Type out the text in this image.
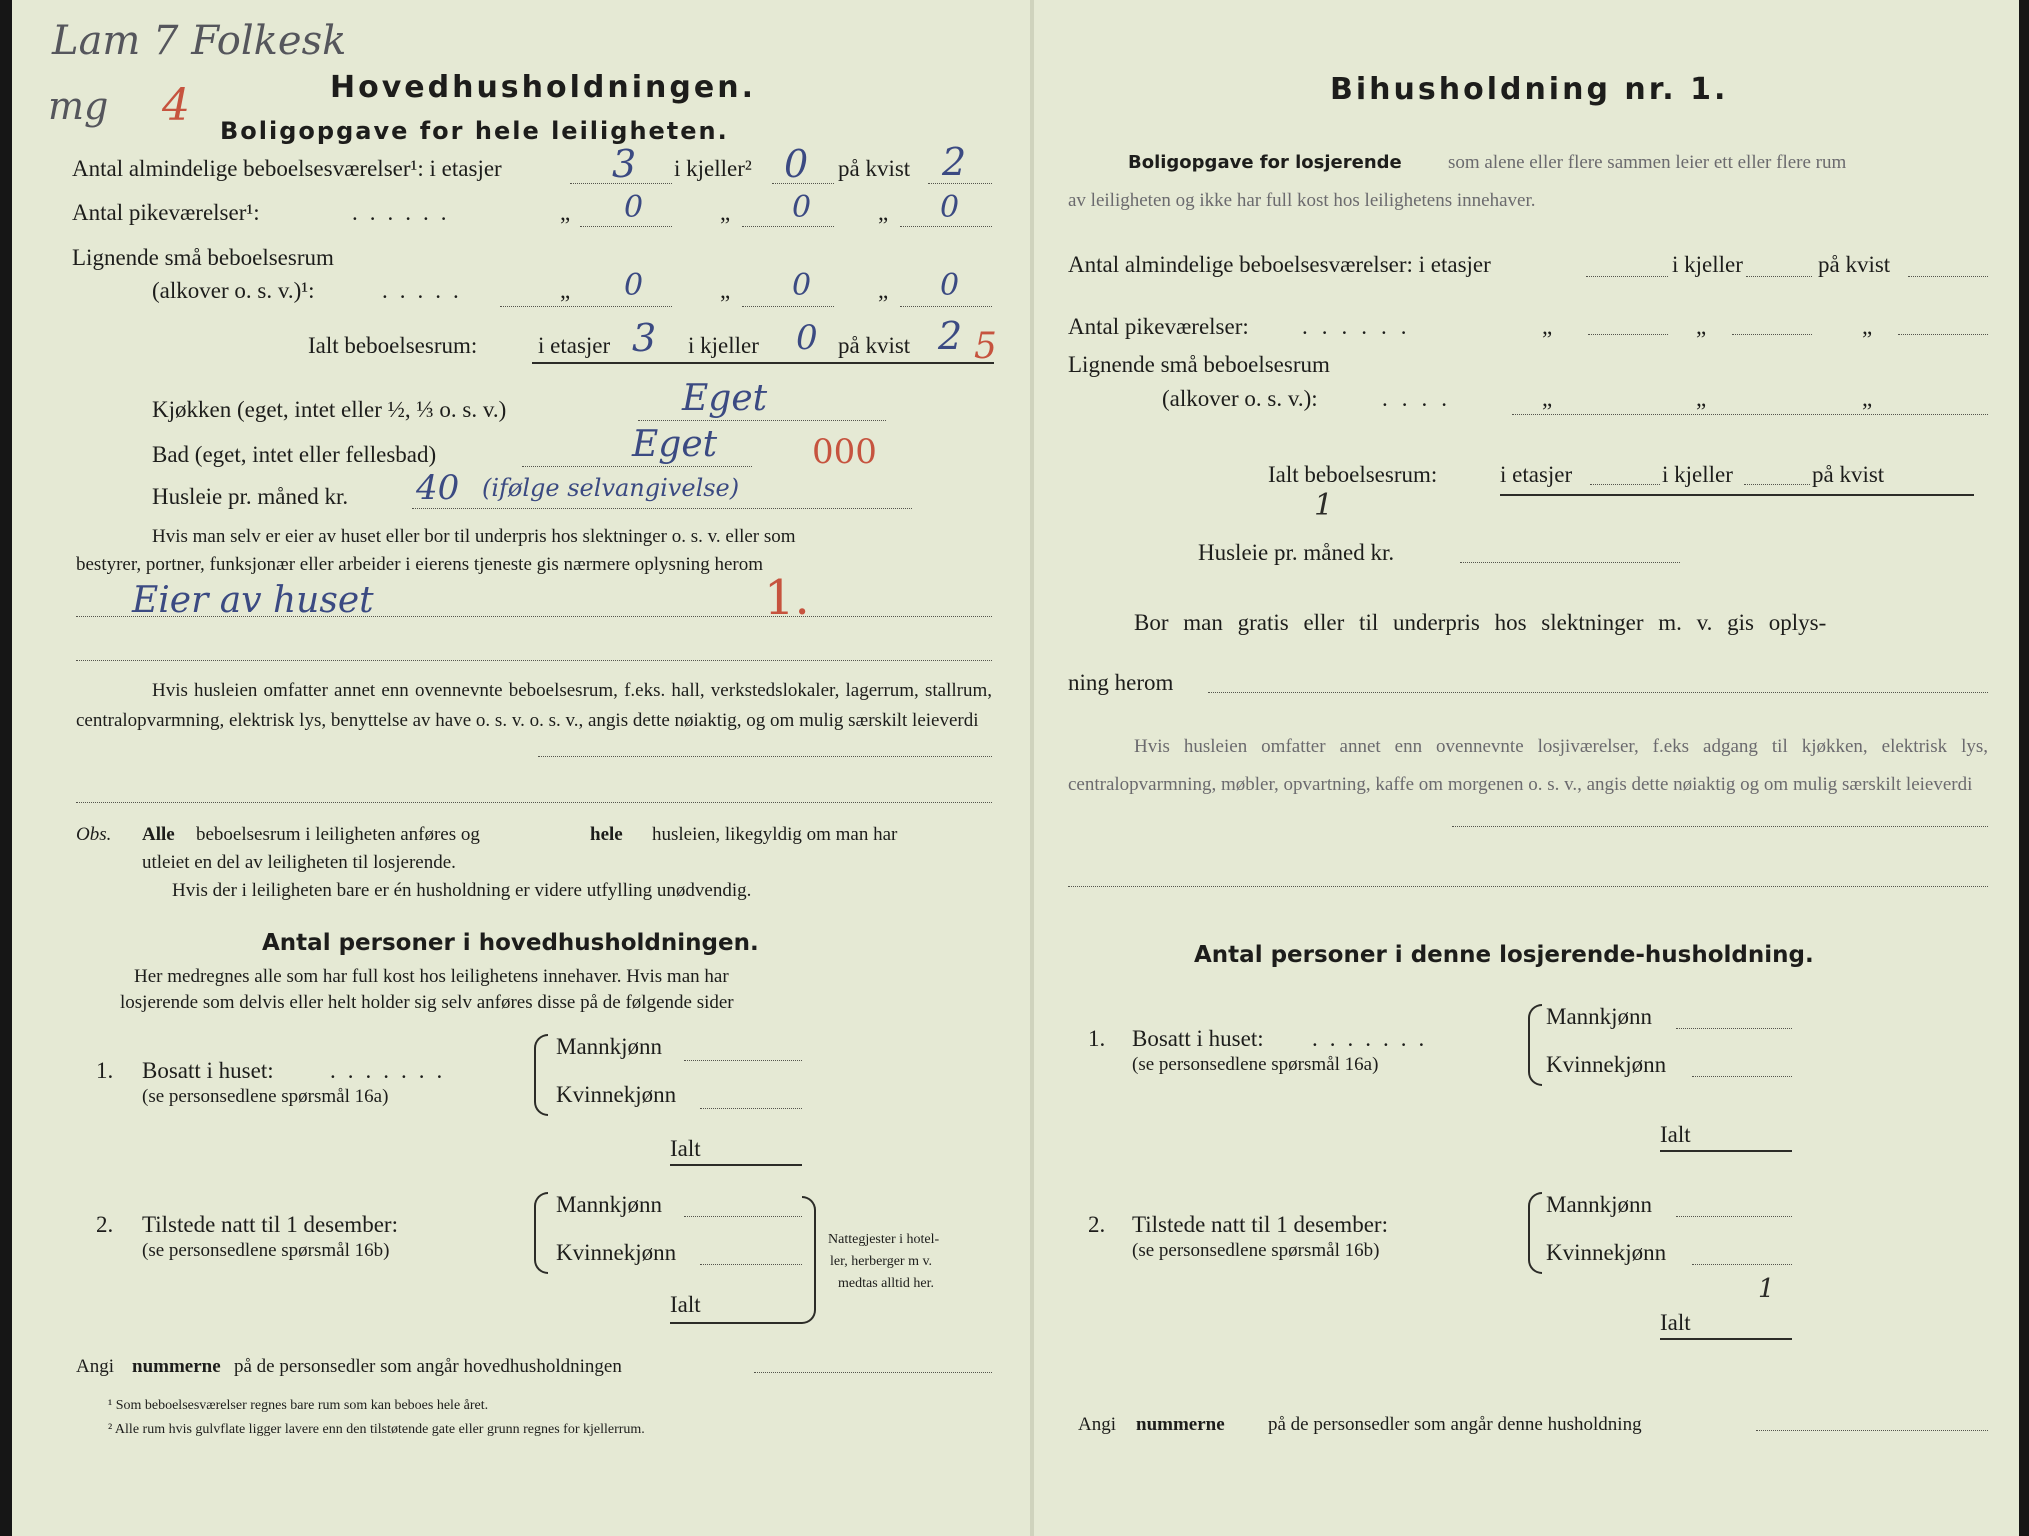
Lam 7 Folkesk
mg 4	Hovedhusholdningen.
Boligopgave for hele leiligheten.
Antal almindelige beboelsesværelser¹: i etasjer	3 i kjeller² 0 på kvist 2
Antal pikeværelser¹:	......	„ 0	„ 0	„ 0
Lignende små beboelsesrum
(alkover o. s. v.)¹:	.....	„ 0	„ 0	„ 0
Ialt beboelsesrum:	i etasjer 3 i kjeller 0 på kvist 2 5
Kjøkken (eget, intet eller ½, ⅓ o. s. v.)	Eget
Bad (eget, intet eller fellesbad)	Eget	000
Husleie pr. måned kr. 40 (ifølge selvangivelse)
Hvis man selv er eier av huset eller bor til underpris hos slektninger o. s. v. eller som
bestyrer, portner, funksjonær eller arbeider i eierens tjeneste gis nærmere oplysning herom
Eier av huset	1.
Hvis husleien omfatter annet enn ovennevnte beboelsesrum, f.eks. hall, verkstedslokaler, lagerrum, stallrum, centralopvarmning, elektrisk lys, benyttelse av have o. s. v. o. s. v., angis dette nøiaktig, og om mulig særskilt leieverdi
Obs. Alle beboelsesrum i leiligheten anføres og	hele husleien, likegyldig om man har
utleiet en del av leiligheten til losjerende.
Hvis der i leiligheten bare er én husholdning er videre utfylling unødvendig.
Antal personer i hovedhusholdningen.
Her medregnes alle som har full kost hos leilighetens innehaver. Hvis man har
losjerende som delvis eller helt holder sig selv anføres disse på de følgende sider
1. Bosatt i huset: .......
(se personsedlene spørsmål 16a)
Mannkjønn
Kvinnekjønn
Ialt
2. Tilstede natt til 1 desember:
(se personsedlene spørsmål 16b)
Mannkjønn
Kvinnekjønn
Ialt
Nattegjester i hotel-
ler, herberger m v.
medtas alltid her.
Angi nummerne på de personsedler som angår hovedhusholdningen
¹ Som beboelsesværelser regnes bare rum som kan beboes hele året.
² Alle rum hvis gulvflate ligger lavere enn den tilstøtende gate eller grunn regnes for kjellerrum.
Bihusholdning nr. 1.
Boligopgave for losjerende som alene eller flere sammen leier ett eller flere rum
av leiligheten og ikke har full kost hos leilighetens innehaver.
Antal almindelige beboelsesværelser: i etasjer	i kjeller	på kvist
Antal pikeværelser: ......	„	„	„
Lignende små beboelsesrum
(alkover o. s. v.):	....	„	„	„
Ialt beboelsesrum:	i etasjer	i kjeller	på kvist
1
Husleie pr. måned kr.
Bor man gratis eller til underpris hos slektninger m. v. gis oplys-
ning herom
Hvis husleien omfatter annet enn ovennevnte losjiværelser, f.eks adgang til kjøkken, elektrisk lys, centralopvarmning, møbler, opvartning, kaffe om morgenen o. s. v., angis dette nøiaktig og om mulig særskilt leieverdi
Antal personer i denne losjerende-husholdning.
1. Bosatt i huset: .......
(se personsedlene spørsmål 16a)
Mannkjønn
Kvinnekjønn
Ialt
2. Tilstede natt til 1 desember:
(se personsedlene spørsmål 16b)
Mannkjønn
Kvinnekjønn
1
Ialt
Angi nummerne på de personsedler som angår denne husholdning
